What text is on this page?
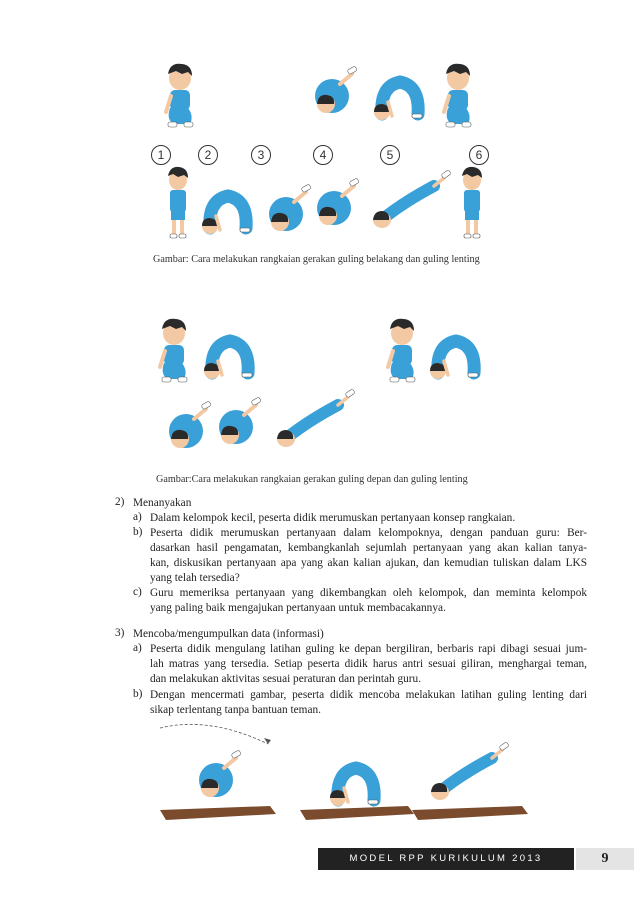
1	2	3	4	5	6
Gambar: Cara melakukan rangkaian gerakan guling belakang dan guling lenting
Gambar:Cara melakukan rangkaian gerakan guling depan dan guling lenting
2) Menanyakan
a) Dalam kelompok kecil, peserta didik merumuskan pertanyaan konsep rangkaian.
b) Peserta didik merumuskan pertanyaan dalam kelompoknya, dengan panduan guru: Ber-
dasarkan hasil pengamatan, kembangkanlah sejumlah pertanyaan yang akan kalian tanya-
kan, diskusikan pertanyaan apa yang akan kalian ajukan, dan kemudian tuliskan dalam LKS
yang telah tersedia?
c) Guru memeriksa pertanyaan yang dikembangkan oleh kelompok, dan meminta kelompok
yang paling baik mengajukan pertanyaan untuk membacakannya.
3) Mencoba/mengumpulkan data (informasi)
a) Peserta didik mengulang latihan guling ke depan bergiliran, berbaris rapi dibagi sesuai jum-
lah matras yang tersedia. Setiap peserta didik harus antri sesuai giliran, menghargai teman,
dan melakukan aktivitas sesuai peraturan dan perintah guru.
b) Dengan mencermati gambar, peserta didik mencoba melakukan latihan guling lenting dari
sikap terlentang tanpa bantuan teman.
MODEL RPP KURIKULUM 2013	9
